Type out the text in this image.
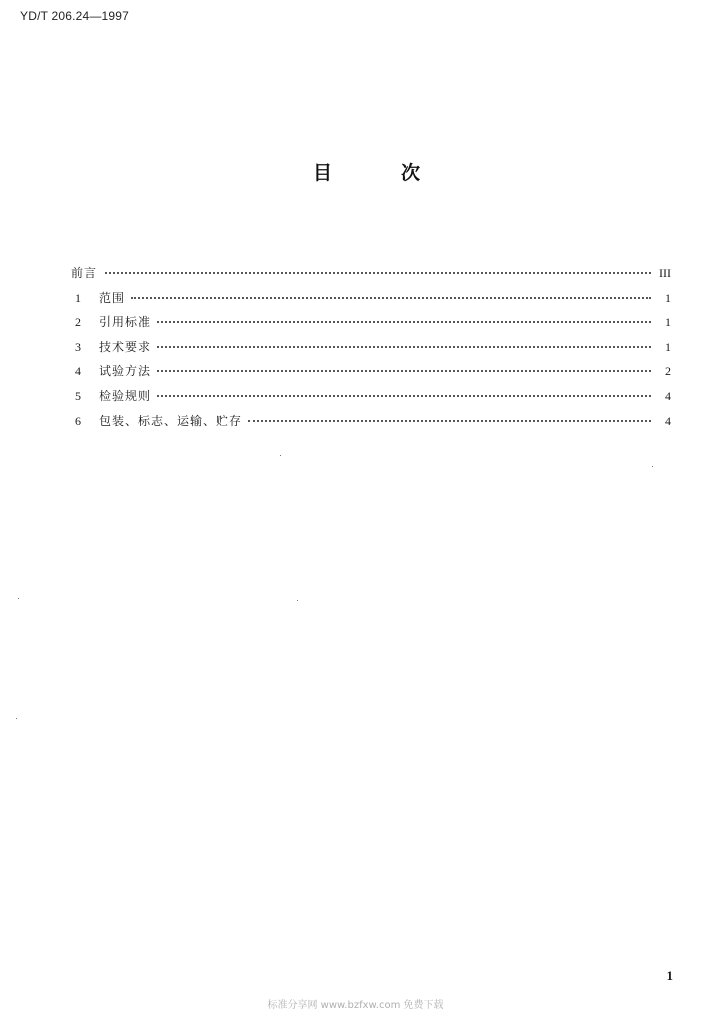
YD/T 206.24—1997
目	次
前言	III
1	范围	1
2	引用标准	1
3	技术要求	1
4	试验方法	2
5	检验规则	4
6	包装、标志、运输、贮存	4
1
标准分享网 www.bzfxw.com 免费下载
